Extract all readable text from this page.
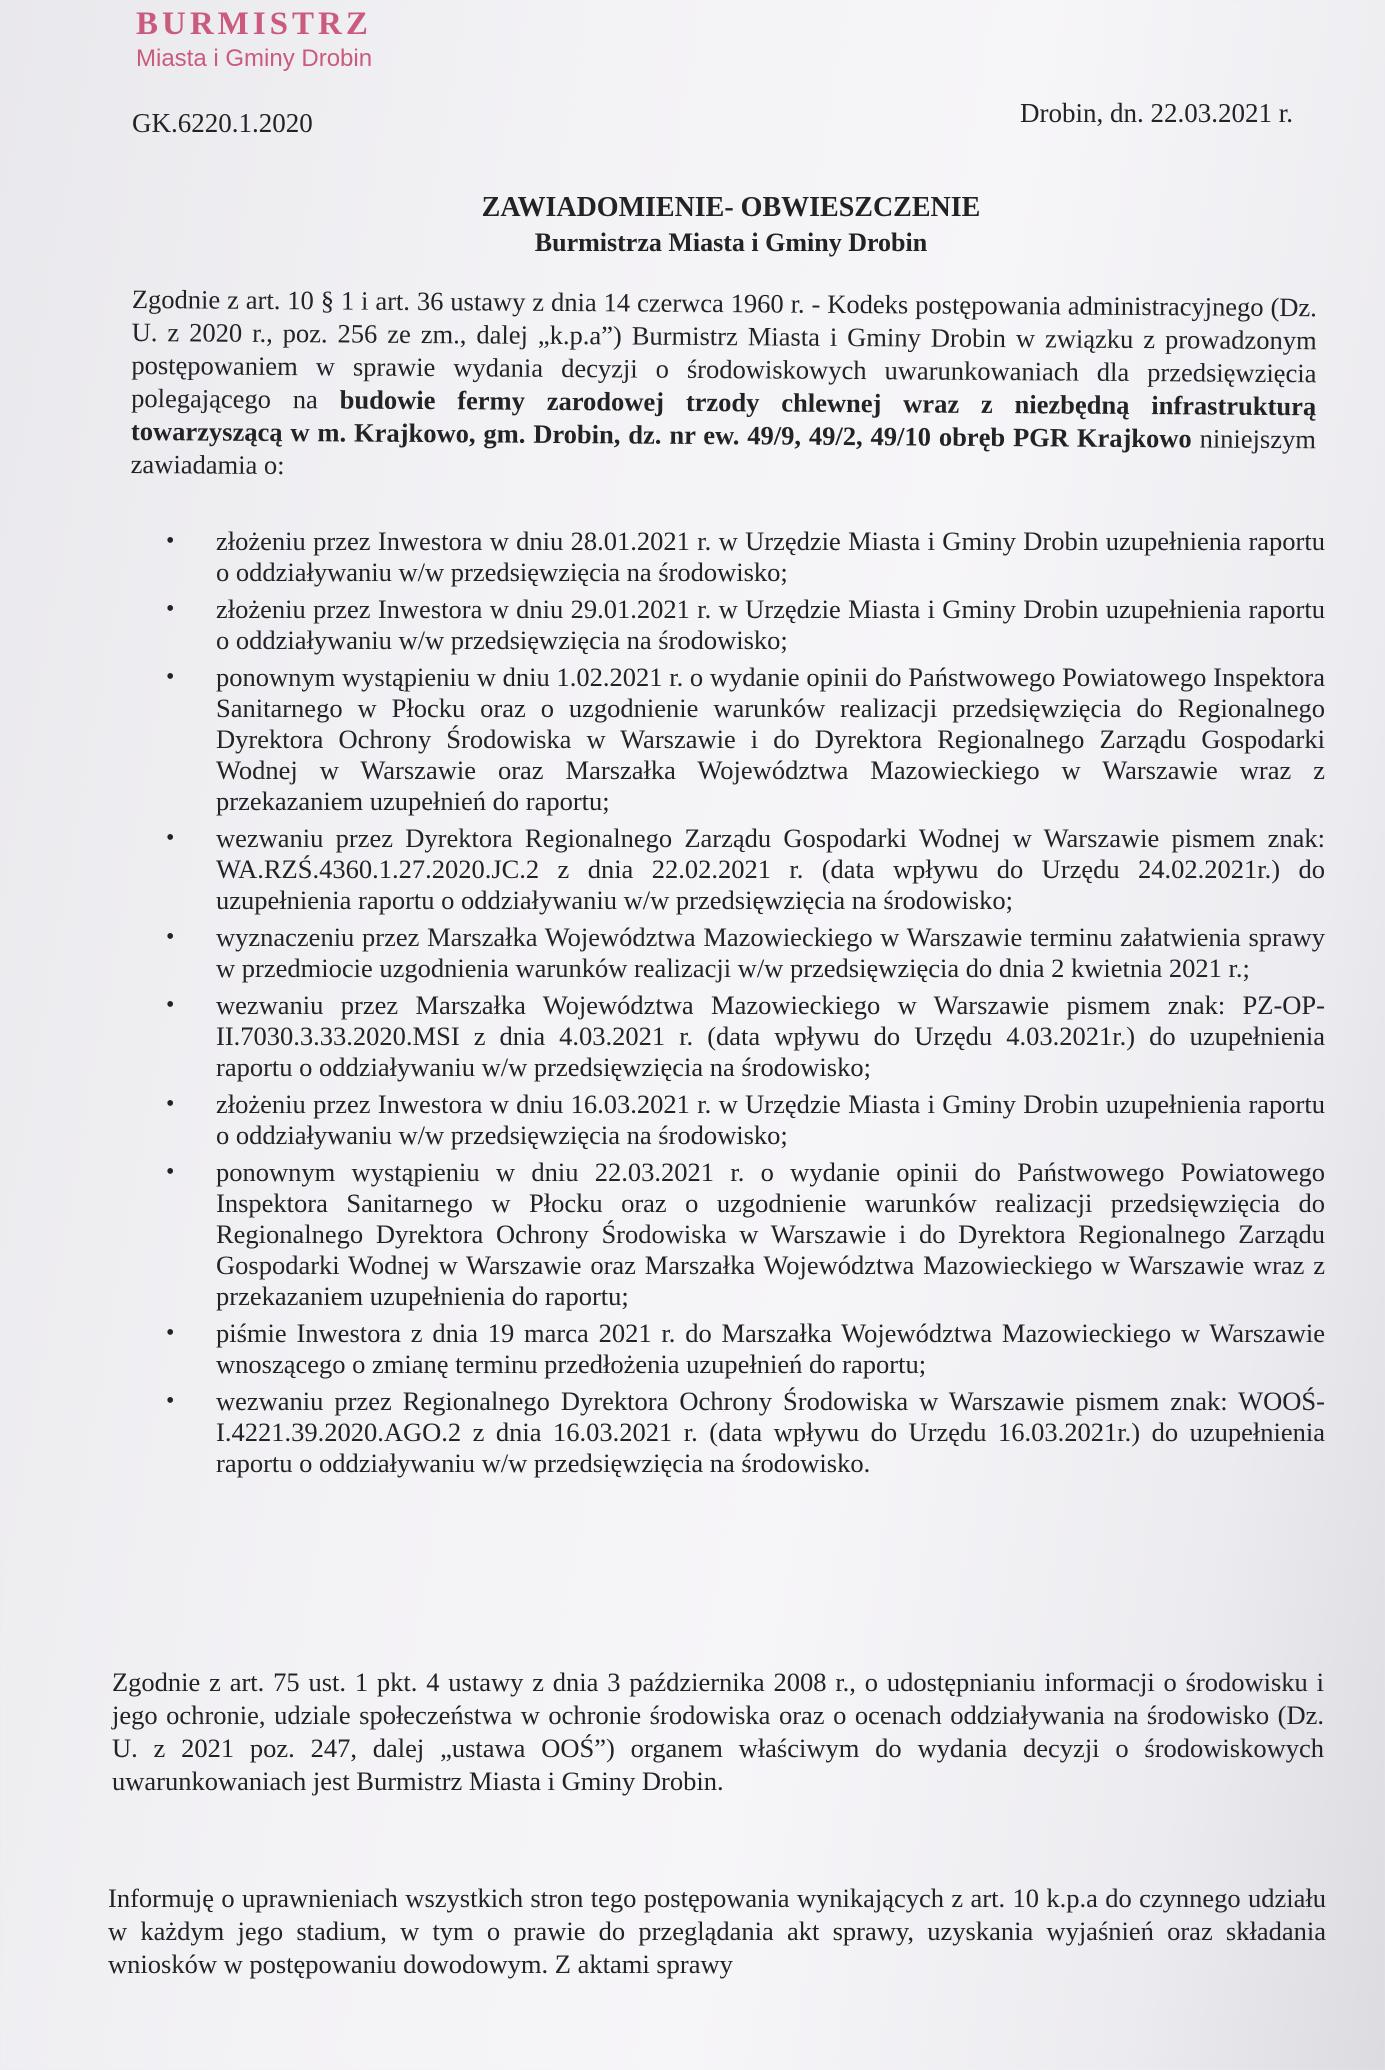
BURMISTRZ
Miasta i Gminy Drobin
GK.6220.1.2020	Drobin, dn. 22.03.2021 r.
ZAWIADOMIENIE- OBWIESZCZENIE
Burmistrza Miasta i Gminy Drobin
Zgodnie z art. 10 § 1 i art. 36 ustawy z dnia 14 czerwca 1960 r. - Kodeks postępowania administracyjnego (Dz. U. z 2020 r., poz. 256 ze zm., dalej „k.p.a”) Burmistrz Miasta i Gminy Drobin w związku z prowadzonym postępowaniem w sprawie wydania decyzji o środowiskowych uwarunkowaniach dla przedsięwzięcia polegającego na budowie fermy zarodowej trzody chlewnej wraz z niezbędną infrastrukturą towarzyszącą w m. Krajkowo, gm. Drobin, dz. nr ew. 49/9, 49/2, 49/10 obręb PGR Krajkowo niniejszym zawiadamia o:
• złożeniu przez Inwestora w dniu 28.01.2021 r. w Urzędzie Miasta i Gminy Drobin uzupełnienia raportu o oddziaływaniu w/w przedsięwzięcia na środowisko;
• złożeniu przez Inwestora w dniu 29.01.2021 r. w Urzędzie Miasta i Gminy Drobin uzupełnienia raportu o oddziaływaniu w/w przedsięwzięcia na środowisko;
• ponownym wystąpieniu w dniu 1.02.2021 r. o wydanie opinii do Państwowego Powiatowego Inspektora Sanitarnego w Płocku oraz o uzgodnienie warunków realizacji przedsięwzięcia do Regionalnego Dyrektora Ochrony Środowiska w Warszawie i do Dyrektora Regionalnego Zarządu Gospodarki Wodnej w Warszawie oraz Marszałka Województwa Mazowieckiego w Warszawie wraz z przekazaniem uzupełnień do raportu;
• wezwaniu przez Dyrektora Regionalnego Zarządu Gospodarki Wodnej w Warszawie pismem znak: WA.RZŚ.4360.1.27.2020.JC.2 z dnia 22.02.2021 r. (data wpływu do Urzędu 24.02.2021r.) do uzupełnienia raportu o oddziaływaniu w/w przedsięwzięcia na środowisko;
• wyznaczeniu przez Marszałka Województwa Mazowieckiego w Warszawie terminu załatwienia sprawy w przedmiocie uzgodnienia warunków realizacji w/w przedsięwzięcia do dnia 2 kwietnia 2021 r.;
• wezwaniu przez Marszałka Województwa Mazowieckiego w Warszawie pismem znak: PZ-OP-II.7030.3.33.2020.MSI z dnia 4.03.2021 r. (data wpływu do Urzędu 4.03.2021r.) do uzupełnienia raportu o oddziaływaniu w/w przedsięwzięcia na środowisko;
• złożeniu przez Inwestora w dniu 16.03.2021 r. w Urzędzie Miasta i Gminy Drobin uzupełnienia raportu o oddziaływaniu w/w przedsięwzięcia na środowisko;
• ponownym wystąpieniu w dniu 22.03.2021 r. o wydanie opinii do Państwowego Powiatowego Inspektora Sanitarnego w Płocku oraz o uzgodnienie warunków realizacji przedsięwzięcia do Regionalnego Dyrektora Ochrony Środowiska w Warszawie i do Dyrektora Regionalnego Zarządu Gospodarki Wodnej w Warszawie oraz Marszałka Województwa Mazowieckiego w Warszawie wraz z przekazaniem uzupełnienia do raportu;
• piśmie Inwestora z dnia 19 marca 2021 r. do Marszałka Województwa Mazowieckiego w Warszawie wnoszącego o zmianę terminu przedłożenia uzupełnień do raportu;
• wezwaniu przez Regionalnego Dyrektora Ochrony Środowiska w Warszawie pismem znak: WOOŚ-I.4221.39.2020.AGO.2 z dnia 16.03.2021 r. (data wpływu do Urzędu 16.03.2021r.) do uzupełnienia raportu o oddziaływaniu w/w przedsięwzięcia na środowisko.
Zgodnie z art. 75 ust. 1 pkt. 4 ustawy z dnia 3 października 2008 r., o udostępnianiu informacji o środowisku i jego ochronie, udziale społeczeństwa w ochronie środowiska oraz o ocenach oddziaływania na środowisko (Dz. U. z 2021 poz. 247, dalej „ustawa OOŚ”) organem właściwym do wydania decyzji o środowiskowych uwarunkowaniach jest Burmistrz Miasta i Gminy Drobin.
Informuję o uprawnieniach wszystkich stron tego postępowania wynikających z art. 10 k.p.a do czynnego udziału w każdym jego stadium, w tym o prawie do przeglądania akt sprawy, uzyskania wyjaśnień oraz składania wniosków w postępowaniu dowodowym. Z aktami sprawy
